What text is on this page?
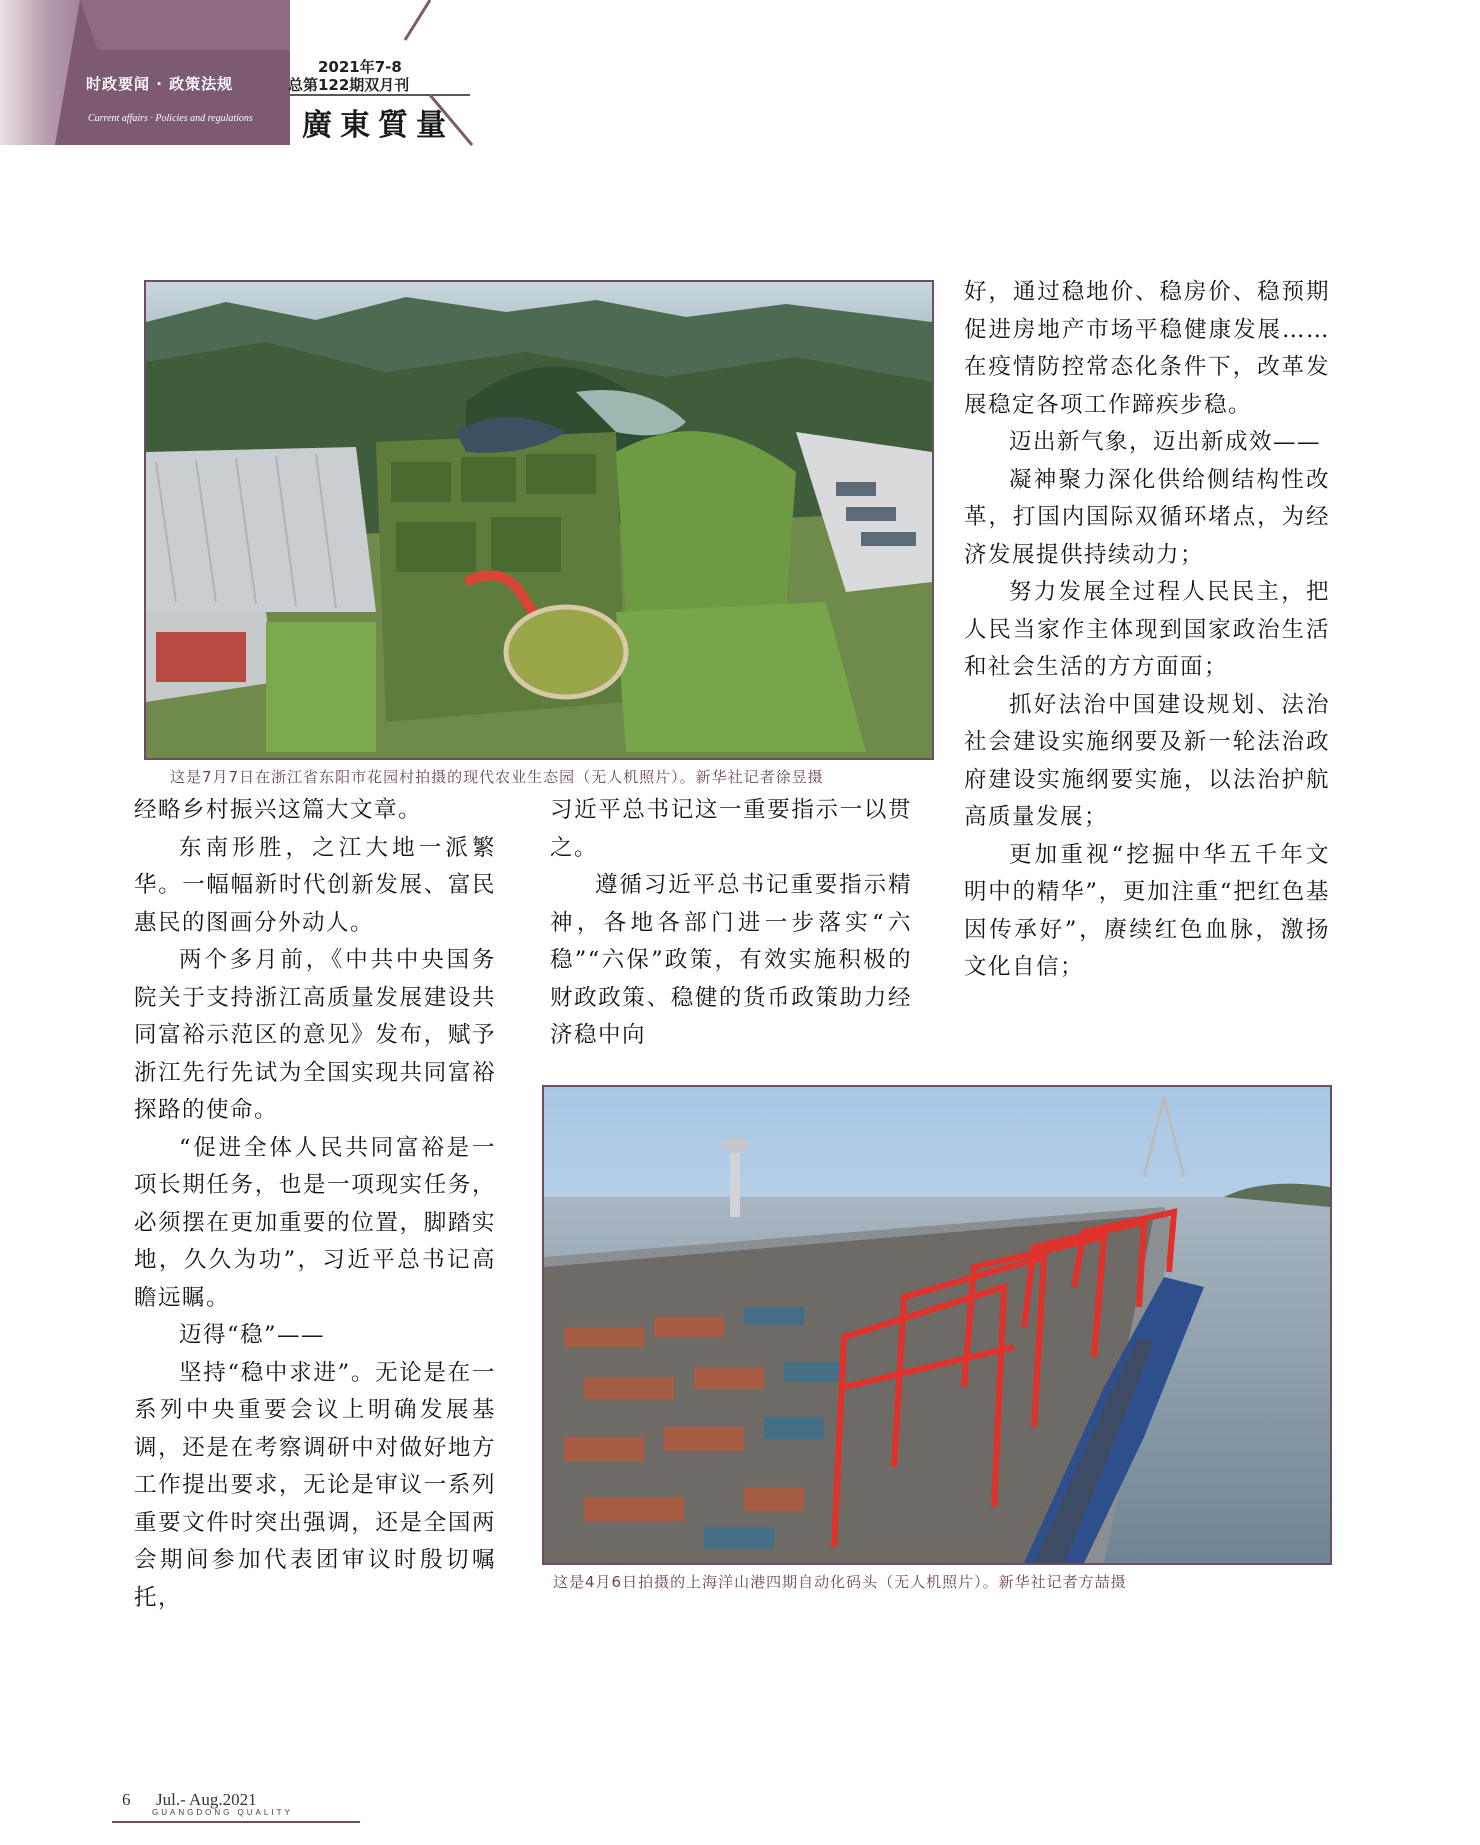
时政要闻 · 政策法规
Current affairs · Policies and regulations
2021年7-8
总第122期双月刊
廣東質量
这是7月7日在浙江省东阳市花园村拍摄的现代农业生态园（无人机照片）。新华社记者徐昱摄
这是4月6日拍摄的上海洋山港四期自动化码头（无人机照片）。新华社记者方喆摄

经略乡村振兴这篇大文章。

东南形胜，之江大地一派繁华。一幅幅新时代创新发展、富民惠民的图画分外动人。

两个多月前，《中共中央国务院关于支持浙江高质量发展建设共同富裕示范区的意见》发布，赋予浙江先行先试为全国实现共同富裕探路的使命。

“促进全体人民共同富裕是一项长期任务，也是一项现实任务，必须摆在更加重要的位置，脚踏实地，久久为功”，习近平总书记高瞻远瞩。

迈得“稳”——

坚持“稳中求进”。无论是在一系列中央重要会议上明确发展基调，还是在考察调研中对做好地方工作提出要求，无论是审议一系列重要文件时突出强调，还是全国两会期间参加代表团审议时殷切嘱托，

习近平总书记这一重要指示一以贯之。

遵循习近平总书记重要指示精神，各地各部门进一步落实“六稳”“六保”政策，有效实施积极的财政政策、稳健的货币政策助力经济稳中向

好，通过稳地价、稳房价、稳预期促进房地产市场平稳健康发展……在疫情防控常态化条件下，改革发展稳定各项工作蹄疾步稳。

迈出新气象，迈出新成效——

凝神聚力深化供给侧结构性改革，打国内国际双循环堵点，为经济发展提供持续动力；

努力发展全过程人民民主，把人民当家作主体现到国家政治生活和社会生活的方方面面；

抓好法治中国建设规划、法治社会建设实施纲要及新一轮法治政府建设实施纲要实施，以法治护航高质量发展；

更加重视“挖掘中华五千年文明中的精华”，更加注重“把红色基因传承好”，赓续红色血脉，激扬文化自信；

6 Jul.- Aug.2021
GUANGDONG QUALITY
